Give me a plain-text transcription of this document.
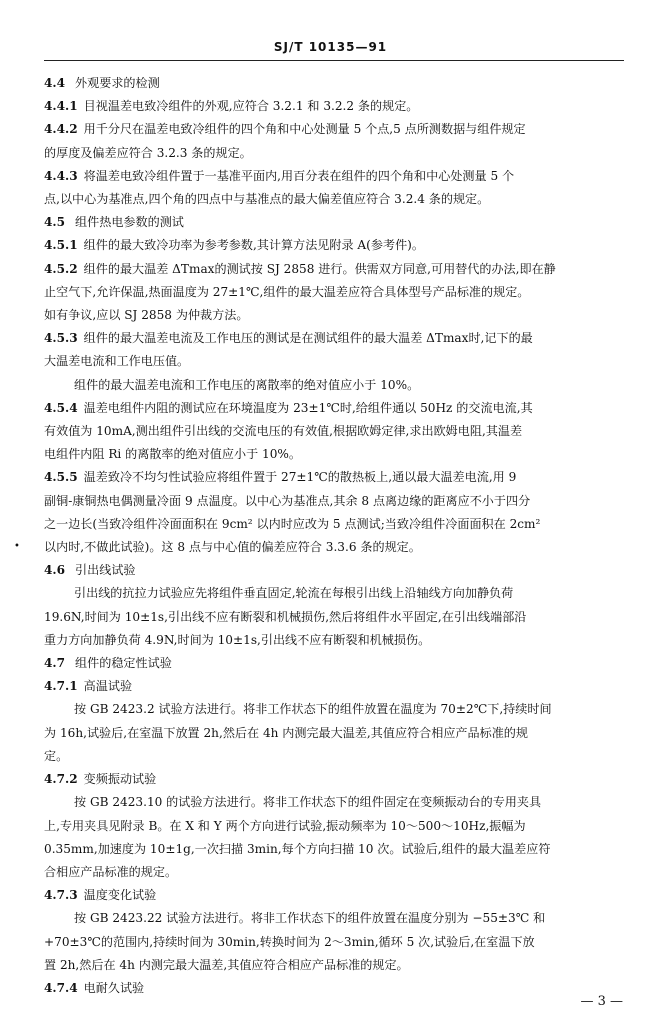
SJ/T 10135—91
•
4.4 外观要求的检测
4.4.1 目视温差电致冷组件的外观,应符合 3.2.1 和 3.2.2 条的规定。
4.4.2 用千分尺在温差电致冷组件的四个角和中心处测量 5 个点,5 点所测数据与组件规定
的厚度及偏差应符合 3.2.3 条的规定。
4.4.3 将温差电致冷组件置于一基准平面内,用百分表在组件的四个角和中心处测量 5 个
点,以中心为基准点,四个角的四点中与基准点的最大偏差值应符合 3.2.4 条的规定。
4.5 组件热电参数的测试
4.5.1 组件的最大致冷功率为参考参数,其计算方法见附录 A(参考件)。
4.5.2 组件的最大温差 ΔTmax的测试按 SJ 2858 进行。供需双方同意,可用替代的办法,即在静
止空气下,允许保温,热面温度为 27±1℃,组件的最大温差应符合具体型号产品标准的规定。
如有争议,应以 SJ 2858 为仲裁方法。
4.5.3 组件的最大温差电流及工作电压的测试是在测试组件的最大温差 ΔTmax时,记下的最
大温差电流和工作电压值。
组件的最大温差电流和工作电压的离散率的绝对值应小于 10%。
4.5.4 温差电组件内阻的测试应在环境温度为 23±1℃时,给组件通以 50Hz 的交流电流,其
有效值为 10mA,测出组件引出线的交流电压的有效值,根据欧姆定律,求出欧姆电阻,其温差
电组件内阻 Ri 的离散率的绝对值应小于 10%。
4.5.5 温差致冷不均匀性试验应将组件置于 27±1℃的散热板上,通以最大温差电流,用 9
副铜-康铜热电偶测量冷面 9 点温度。以中心为基准点,其余 8 点离边缘的距离应不小于四分
之一边长(当致冷组件冷面面积在 9cm² 以内时应改为 5 点测试;当致冷组件冷面面积在 2cm²
以内时,不做此试验)。这 8 点与中心值的偏差应符合 3.3.6 条的规定。
4.6 引出线试验
引出线的抗拉力试验应先将组件垂直固定,轮流在每根引出线上沿轴线方向加静负荷
19.6N,时间为 10±1s,引出线不应有断裂和机械损伤,然后将组件水平固定,在引出线端部沿
重力方向加静负荷 4.9N,时间为 10±1s,引出线不应有断裂和机械损伤。
4.7 组件的稳定性试验
4.7.1 高温试验
按 GB 2423.2 试验方法进行。将非工作状态下的组件放置在温度为 70±2℃下,持续时间
为 16h,试验后,在室温下放置 2h,然后在 4h 内测完最大温差,其值应符合相应产品标准的规
定。
4.7.2 变频振动试验
按 GB 2423.10 的试验方法进行。将非工作状态下的组件固定在变频振动台的专用夹具
上,专用夹具见附录 B。在 X 和 Y 两个方向进行试验,振动频率为 10～500～10Hz,振幅为
0.35mm,加速度为 10±1g,一次扫描 3min,每个方向扫描 10 次。试验后,组件的最大温差应符
合相应产品标准的规定。
4.7.3 温度变化试验
按 GB 2423.22 试验方法进行。将非工作状态下的组件放置在温度分别为 −55±3℃ 和
+70±3℃的范围内,持续时间为 30min,转换时间为 2～3min,循环 5 次,试验后,在室温下放
置 2h,然后在 4h 内测完最大温差,其值应符合相应产品标准的规定。
4.7.4 电耐久试验
— 3 —
